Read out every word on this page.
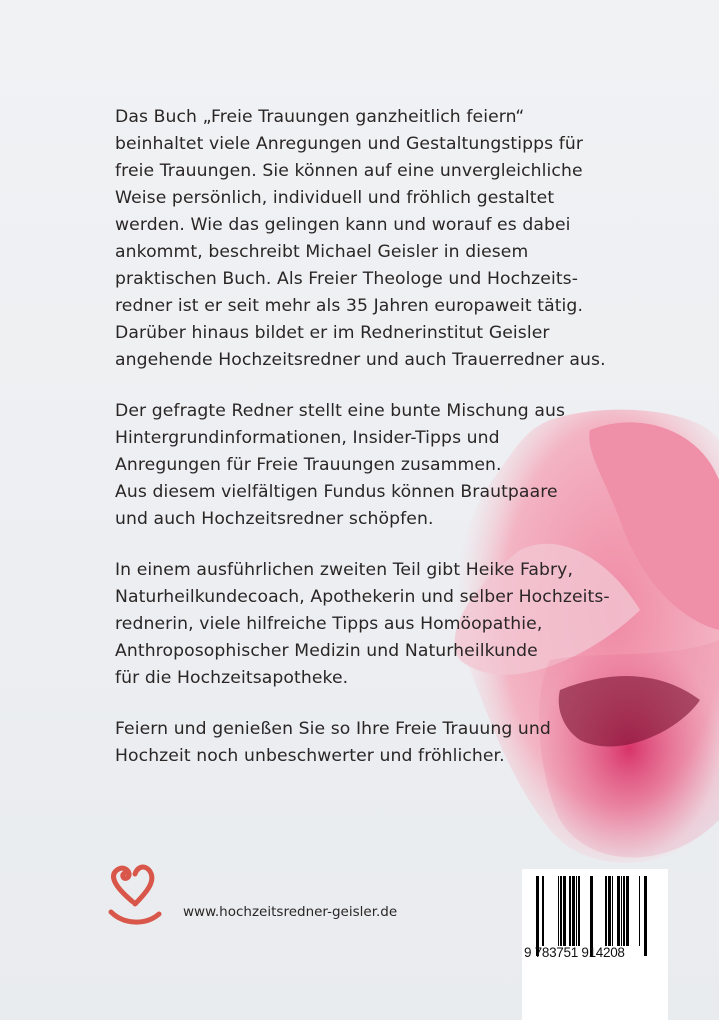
Das Buch „Freie Trauungen ganzheitlich feiern“
beinhaltet viele Anregungen und Gestaltungstipps für
freie Trauungen. Sie können auf eine unvergleichliche
Weise persönlich, individuell und fröhlich gestaltet
werden. Wie das gelingen kann und worauf es dabei
ankommt, beschreibt Michael Geisler in diesem
praktischen Buch. Als Freier Theologe und Hochzeits-
redner ist er seit mehr als 35 Jahren europaweit tätig.
Darüber hinaus bildet er im Rednerinstitut Geisler
angehende Hochzeitsredner und auch Trauerredner aus.
Der gefragte Redner stellt eine bunte Mischung aus
Hintergrundinformationen, Insider-Tipps und
Anregungen für Freie Trauungen zusammen.
Aus diesem vielfältigen Fundus können Brautpaare
und auch Hochzeitsredner schöpfen.
In einem ausführlichen zweiten Teil gibt Heike Fabry,
Naturheilkundecoach, Apothekerin und selber Hochzeits-
rednerin, viele hilfreiche Tipps aus Homöopathie,
Anthroposophischer Medizin und Naturheilkunde
für die Hochzeitsapotheke.
Feiern und genießen Sie so Ihre Freie Trauung und
Hochzeit noch unbeschwerter und fröhlicher.
www.hochzeitsredner-geisler.de
9 783751 914208
